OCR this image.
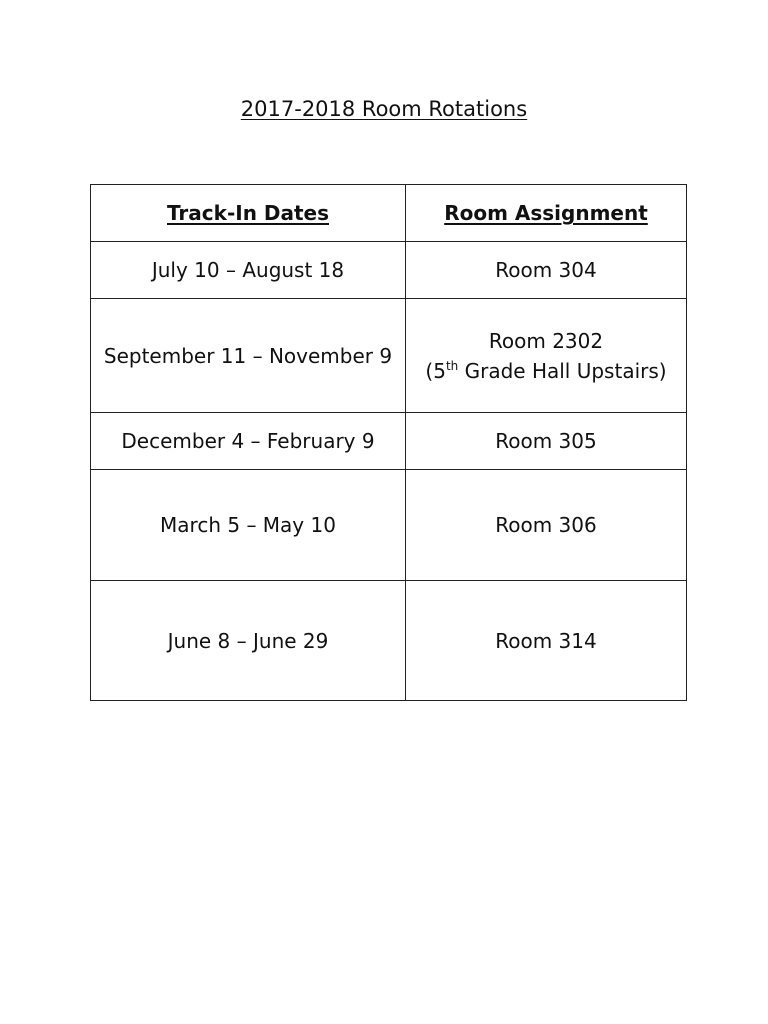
2017-2018 Room Rotations
Track-In Dates	Room Assignment
July 10 – August 18	Room 304
September 11 – November 9	Room 2302
(5th Grade Hall Upstairs)

December 4 – February 9	Room 305
March 5 – May 10	Room 306
June 8 – June 29	Room 314
